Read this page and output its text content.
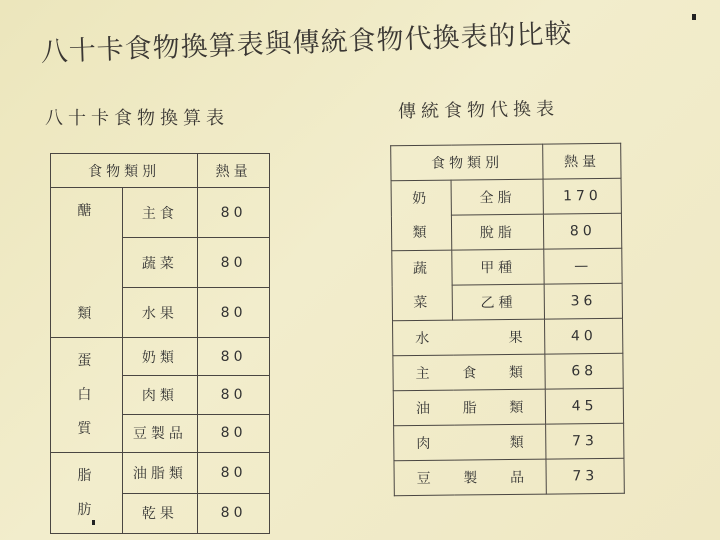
八十卡食物換算表與傳統食物代換表的比較
八十卡食物換算表	傳統食物代換表
食物類別		熱量

醣
類	主食	80
	蔬菜	80
	水果	80

蛋
白
質	奶類	80
	肉類	80
	豆製品	80

脂
肪	油脂類	80
	乾果	80
食物類別		熱量

奶
類	全脂	170
	脫脂	80

蔬
菜	甲種	—
	乙種	36

水 果		40

主 食 類		68

油 脂 類		45

肉 類		73

豆 製 品		73
